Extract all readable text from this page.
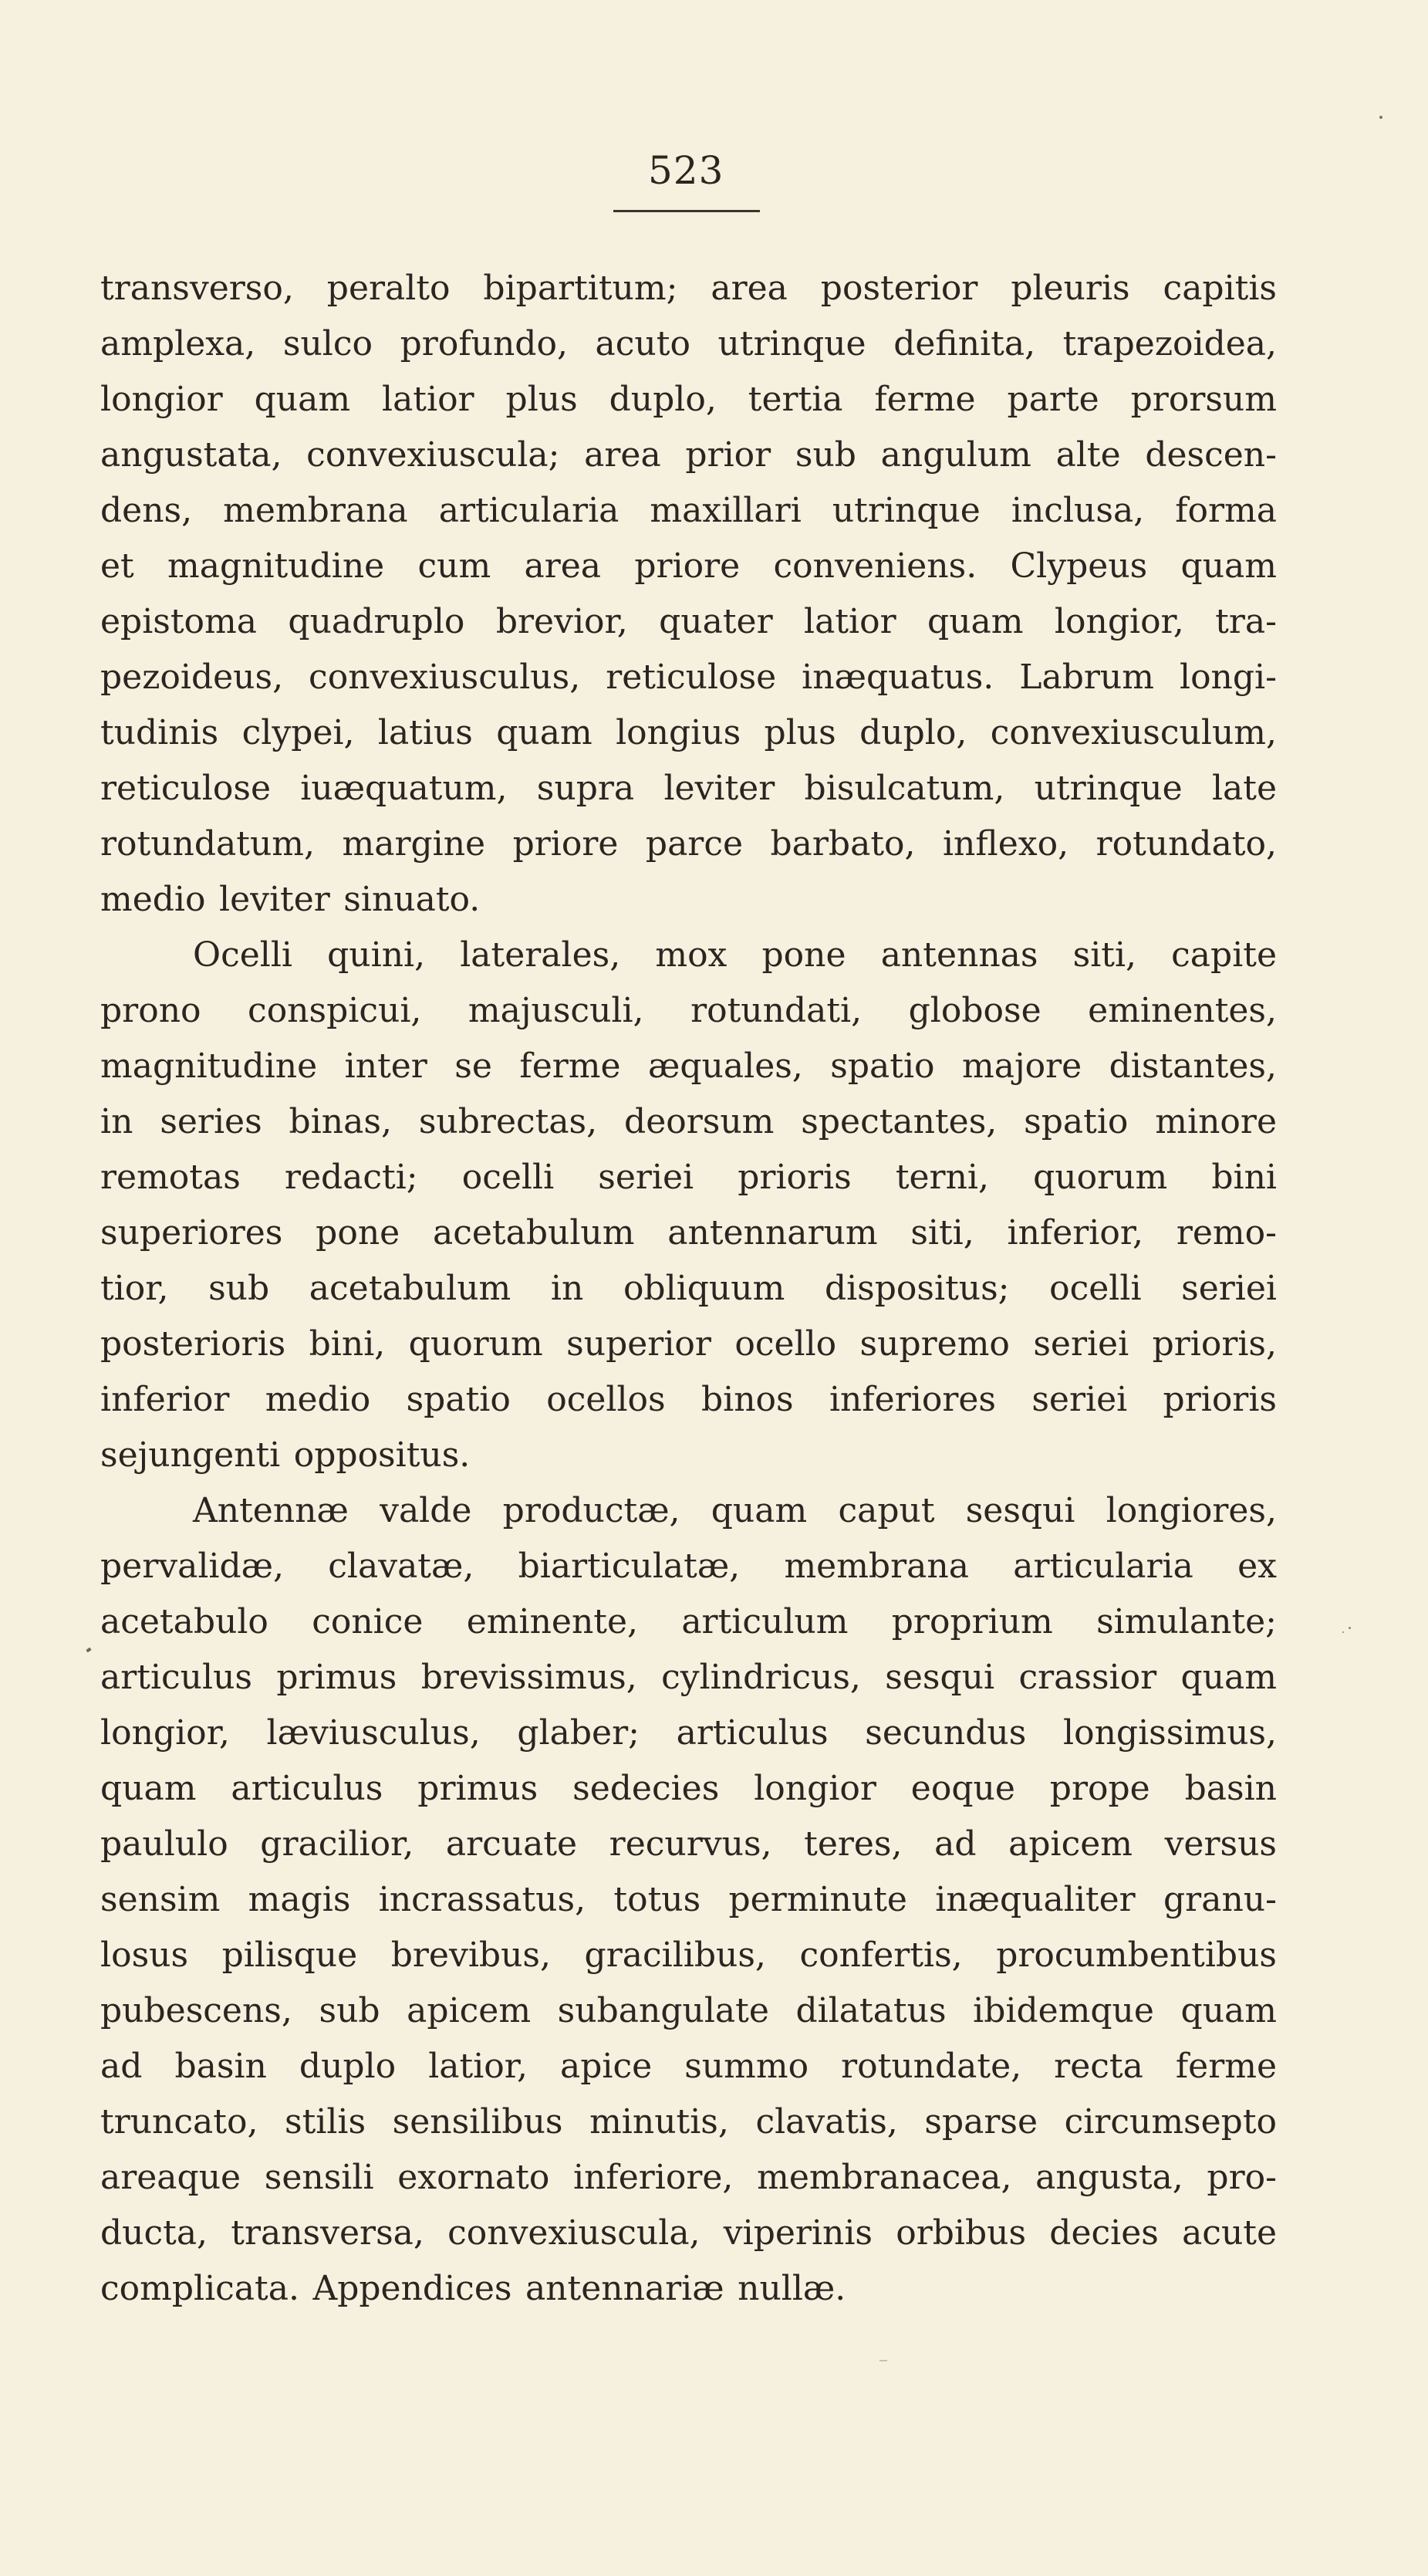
523
transverso, peralto bipartitum; area posterior pleuris capitis
amplexa, sulco profundo, acuto utrinque definita, trapezoidea,
longior quam latior plus duplo, tertia ferme parte prorsum
angustata, convexiuscula; area prior sub angulum alte descen-
dens, membrana articularia maxillari utrinque inclusa, forma
et magnitudine cum area priore conveniens. Clypeus quam
epistoma quadruplo brevior, quater latior quam longior, tra-
pezoideus, convexiusculus, reticulose inæquatus. Labrum longi-
tudinis clypei, latius quam longius plus duplo, convexiusculum,
reticulose iuæquatum, supra leviter bisulcatum, utrinque late
rotundatum, margine priore parce barbato, inflexo, rotundato,
medio leviter sinuato.
Ocelli quini, laterales, mox pone antennas siti, capite
prono conspicui, majusculi, rotundati, globose eminentes,
magnitudine inter se ferme æquales, spatio majore distantes,
in series binas, subrectas, deorsum spectantes, spatio minore
remotas redacti; ocelli seriei prioris terni, quorum bini
superiores pone acetabulum antennarum siti, inferior, remo-
tior, sub acetabulum in obliquum dispositus; ocelli seriei
posterioris bini, quorum superior ocello supremo seriei prioris,
inferior medio spatio ocellos binos inferiores seriei prioris
sejungenti oppositus.
Antennæ valde productæ, quam caput sesqui longiores,
pervalidæ, clavatæ, biarticulatæ, membrana articularia ex
acetabulo conice eminente, articulum proprium simulante;
articulus primus brevissimus, cylindricus, sesqui crassior quam
longior, læviusculus, glaber; articulus secundus longissimus,
quam articulus primus sedecies longior eoque prope basin
paululo gracilior, arcuate recurvus, teres, ad apicem versus
sensim magis incrassatus, totus perminute inæqualiter granu-
losus pilisque brevibus, gracilibus, confertis, procumbentibus
pubescens, sub apicem subangulate dilatatus ibidemque quam
ad basin duplo latior, apice summo rotundate, recta ferme
truncato, stilis sensilibus minutis, clavatis, sparse circumsepto
areaque sensili exornato inferiore, membranacea, angusta, pro-
ducta, transversa, convexiuscula, viperinis orbibus decies acute
complicata. Appendices antennariæ nullæ.
